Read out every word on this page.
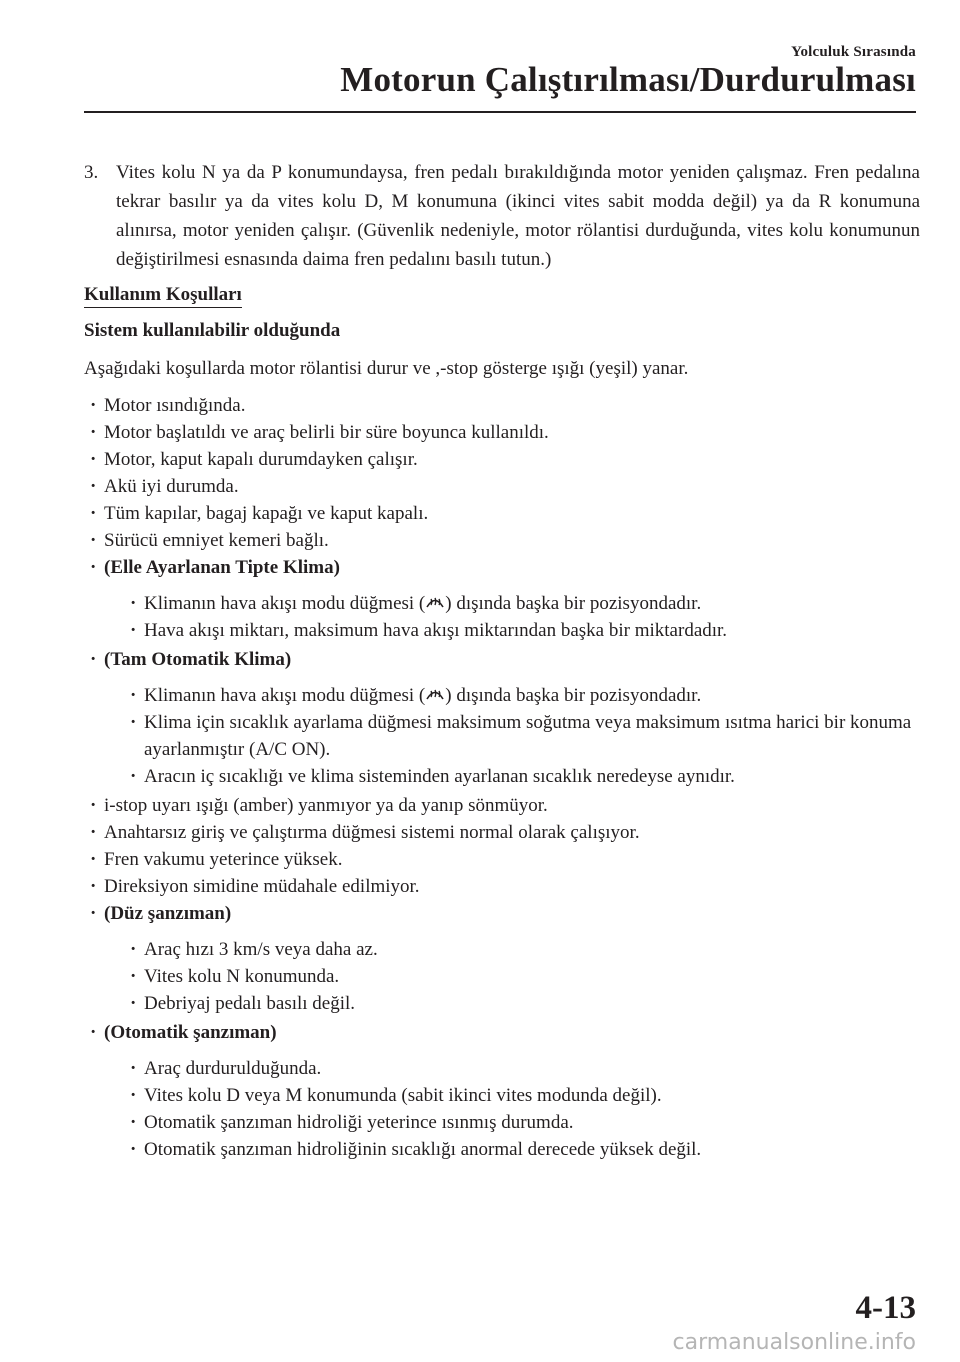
Yolculuk Sırasında
Motorun Çalıştırılması/Durdurulması
3. Vites kolu N ya da P konumundaysa, fren pedalı bırakıldığında motor yeniden çalışmaz. Fren pedalına tekrar basılır ya da vites kolu D, M konumuna (ikinci vites sabit modda değil) ya da R konumuna alınırsa, motor yeniden çalışır. (Güvenlik nedeniyle, motor rölantisi durduğunda, vites kolu konumunun değiştirilmesi esnasında daima fren pedalını basılı tutun.)
Kullanım Koşulları
Sistem kullanılabilir olduğunda
Aşağıdaki koşullarda motor rölantisi durur ve ,-stop gösterge ışığı (yeşil) yanar.
· Motor ısındığında.
· Motor başlatıldı ve araç belirli bir süre boyunca kullanıldı.
· Motor, kaput kapalı durumdayken çalışır.
· Akü iyi durumda.
· Tüm kapılar, bagaj kapağı ve kaput kapalı.
· Sürücü emniyet kemeri bağlı.
· (Elle Ayarlanan Tipte Klima)
· Klimanın hava akışı modu düğmesi ( ) dışında başka bir pozisyondadır.
· Hava akışı miktarı, maksimum hava akışı miktarından başka bir miktardadır.
· (Tam Otomatik Klima)
· Klimanın hava akışı modu düğmesi ( ) dışında başka bir pozisyondadır.
· Klima için sıcaklık ayarlama düğmesi maksimum soğutma veya maksimum ısıtma harici bir konuma ayarlanmıştır (A/C ON).
· Aracın iç sıcaklığı ve klima sisteminden ayarlanan sıcaklık neredeyse aynıdır.
· i-stop uyarı ışığı (amber) yanmıyor ya da yanıp sönmüyor.
· Anahtarsız giriş ve çalıştırma düğmesi sistemi normal olarak çalışıyor.
· Fren vakumu yeterince yüksek.
· Direksiyon simidine müdahale edilmiyor.
· (Düz şanzıman)
· Araç hızı 3 km/s veya daha az.
· Vites kolu N konumunda.
· Debriyaj pedalı basılı değil.
· (Otomatik şanzıman)
· Araç durdurulduğunda.
· Vites kolu D veya M konumunda (sabit ikinci vites modunda değil).
· Otomatik şanzıman hidroliği yeterince ısınmış durumda.
· Otomatik şanzıman hidroliğinin sıcaklığı anormal derecede yüksek değil.
4-13
carmanualsonline.info
